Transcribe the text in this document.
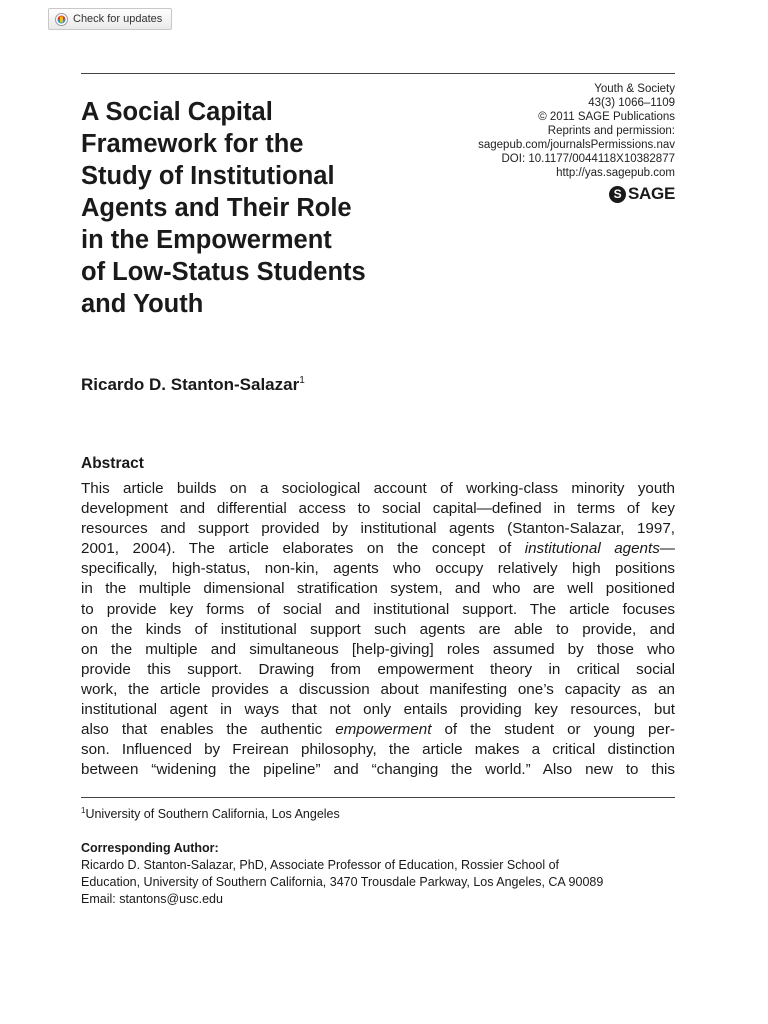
Check for updates
A Social Capital
Framework for the
Study of Institutional
Agents and Their Role
in the Empowerment
of Low-Status Students
and Youth
Youth & Society
43(3) 1066–1109
© 2011 SAGE Publications
Reprints and permission:
sagepub.com/journalsPermissions.nav
DOI: 10.1177/0044118X10382877
http://yas.sagepub.com
S SAGE
Ricardo D. Stanton-Salazar$^1$
Abstract

This article builds on a sociological account of working-class minority youth
development and differential access to social capital—defined in terms of key
resources and support provided by institutional agents (Stanton-Salazar, 1997,
2001, 2004). The article elaborates on the concept of institutional agents—
specifically, high-status, non-kin, agents who occupy relatively high positions
in the multiple dimensional stratification system, and who are well positioned
to provide key forms of social and institutional support. The article focuses
on the kinds of institutional support such agents are able to provide, and
on the multiple and simultaneous [help-giving] roles assumed by those who
provide this support. Drawing from empowerment theory in critical social
work, the article provides a discussion about manifesting one’s capacity as an
institutional agent in ways that not only entails providing key resources, but
also that enables the authentic empowerment of the student or young per-
son. Influenced by Freirean philosophy, the article makes a critical distinction
between “widening the pipeline” and “changing the world.” Also new to this

$^1$University of Southern California, Los Angeles
Corresponding Author:
Ricardo D. Stanton-Salazar, PhD, Associate Professor of Education, Rossier School of
Education, University of Southern California, 3470 Trousdale Parkway, Los Angeles, CA 90089
Email: stantons@usc.edu
